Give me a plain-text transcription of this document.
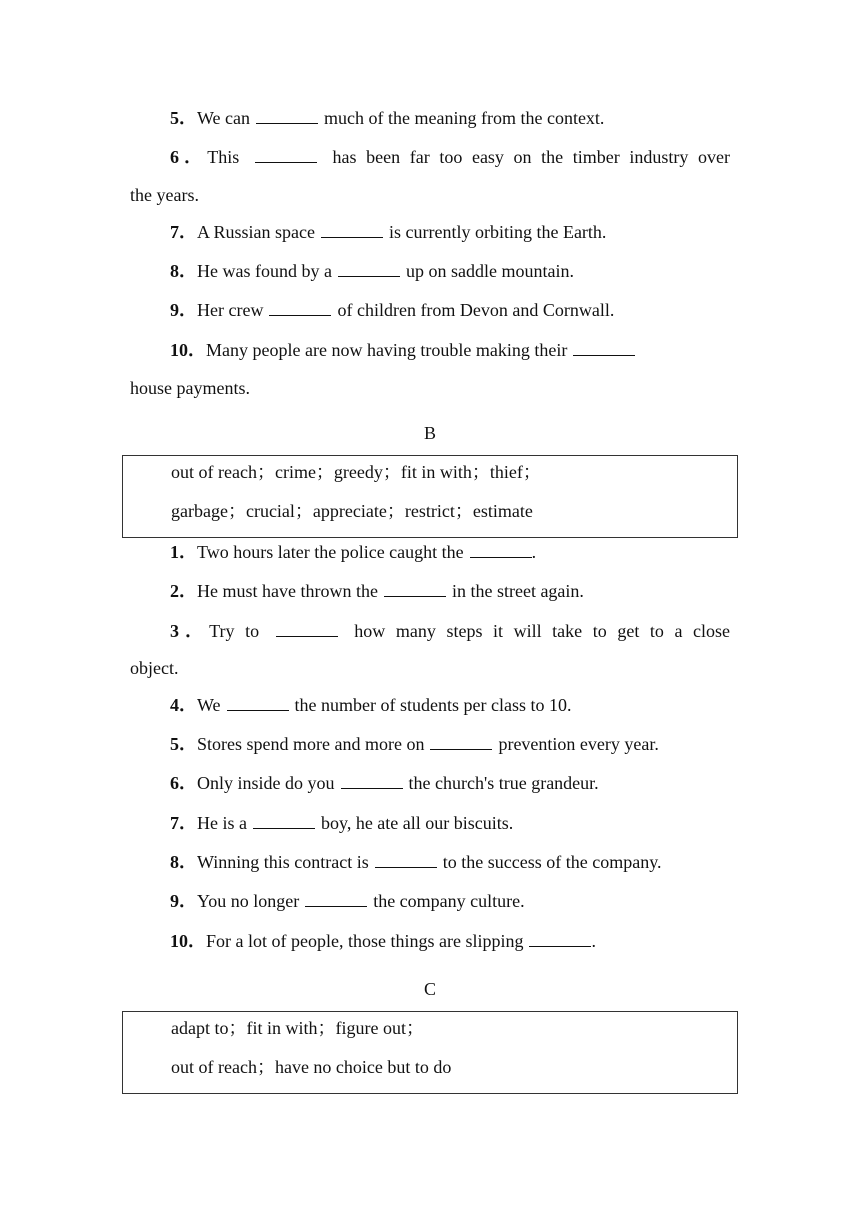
5．We can	much of the meaning from the context.
6．This	has been far too easy on the timber industry over
the years.
7．A Russian space	is currently orbiting the Earth.
8．He was found by a	up on saddle mountain.
9．Her crew	of children from Devon and Cornwall.
10．Many people are now having trouble making their
house payments.
B
out of reach；crime；greedy；fit in with；thief；
garbage；crucial；appreciate；restrict；estimate
1．Two hours later the police caught the	.
2．He must have thrown the	in the street again.
3．Try to	how many steps it will take to get to a close
object.
4．We	the number of students per class to 10.
5．Stores spend more and more on	prevention every year.
6．Only inside do you	the church's true grandeur.
7．He is a	boy, he ate all our biscuits.
8．Winning this contract is	to the success of the company.
9．You no longer	the company culture.
10．For a lot of people, those things are slipping	.
C
adapt to；fit in with；figure out；
out of reach；have no choice but to do
